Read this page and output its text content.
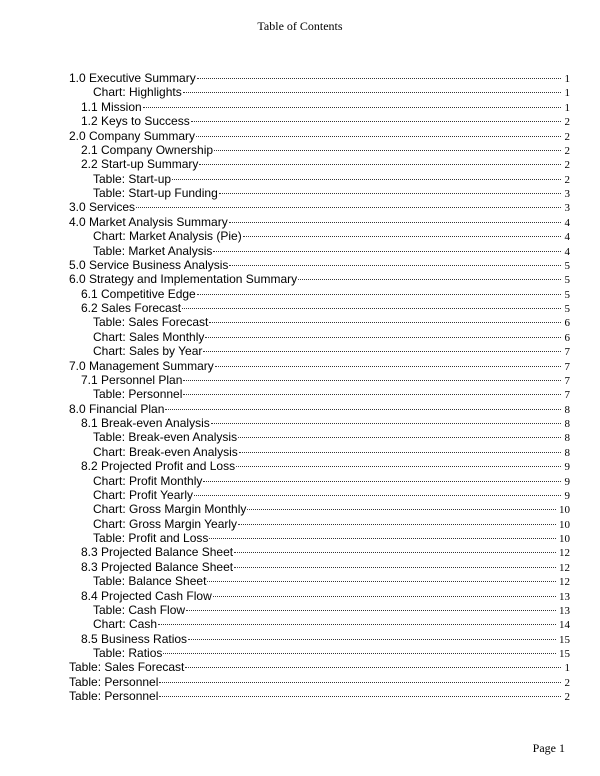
Table of Contents
1.0 Executive Summary	1
Chart: Highlights	1
1.1 Mission	1
1.2 Keys to Success	2
2.0 Company Summary	2
2.1 Company Ownership	2
2.2 Start-up Summary	2
Table: Start-up	2
Table: Start-up Funding	3
3.0 Services	3
4.0 Market Analysis Summary	4
Chart: Market Analysis (Pie)	4
Table: Market Analysis	4
5.0 Service Business Analysis	5
6.0 Strategy and Implementation Summary	5
6.1 Competitive Edge	5
6.2 Sales Forecast	5
Table: Sales Forecast	6
Chart: Sales Monthly	6
Chart: Sales by Year	7
7.0 Management Summary	7
7.1 Personnel Plan	7
Table: Personnel	7
8.0 Financial Plan	8
8.1 Break-even Analysis	8
Table: Break-even Analysis	8
Chart: Break-even Analysis	8
8.2 Projected Profit and Loss	9
Chart: Profit Monthly	9
Chart: Profit Yearly	9
Chart: Gross Margin Monthly	10
Chart: Gross Margin Yearly	10
Table: Profit and Loss	10
8.3 Projected Balance Sheet	12
8.3 Projected Balance Sheet	12
Table: Balance Sheet	12
8.4 Projected Cash Flow	13
Table: Cash Flow	13
Chart: Cash	14
8.5 Business Ratios	15
Table: Ratios	15
Table: Sales Forecast	1
Table: Personnel	2
Table: Personnel	2
Page 1
